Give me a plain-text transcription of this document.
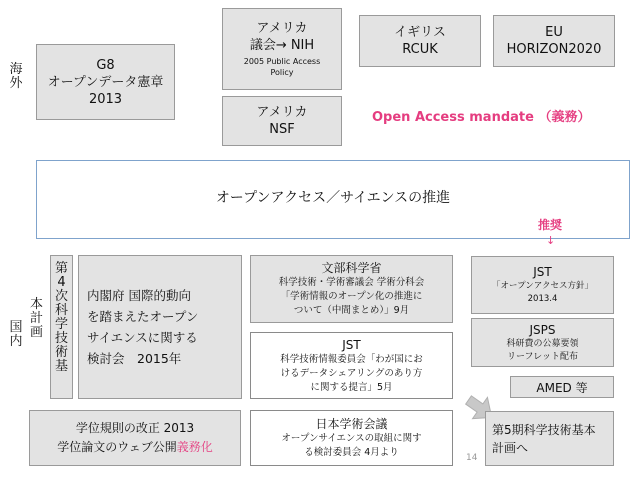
海
外
国
内
G8
オープンデータ憲章
2013
アメリカ
議会→ NIH
2005 Public Access
Policy
イギリス
RCUK
EU
HORIZON2020
アメリカ
NSF
Open Access mandate （義務）
オープンアクセス／サイエンスの推進
推奨
↓
本
計
画
第
4
次
科
学
技
術
基
内閣府 国際的動向
を踏まえたオープン
サイエンスに関する
検討会　2015年
文部科学省
科学技術・学術審議会 学術分科会
「学術情報のオープン化の推進に
ついて（中間まとめ）」9月
JST
科学技術情報委員会「わが国にお
けるデータシェアリングのあり方
に関する提言」5月
日本学術会議
オープンサイエンスの取組に関す
る検討委員会 4月より
学位規則の改正 2013
学位論文のウェブ公開義務化
JST
「オープンアクセス方針」
2013.4
JSPS
科研費の公募要領
リーフレット配布
AMED 等
第5期科学技術基本
計画へ
14
